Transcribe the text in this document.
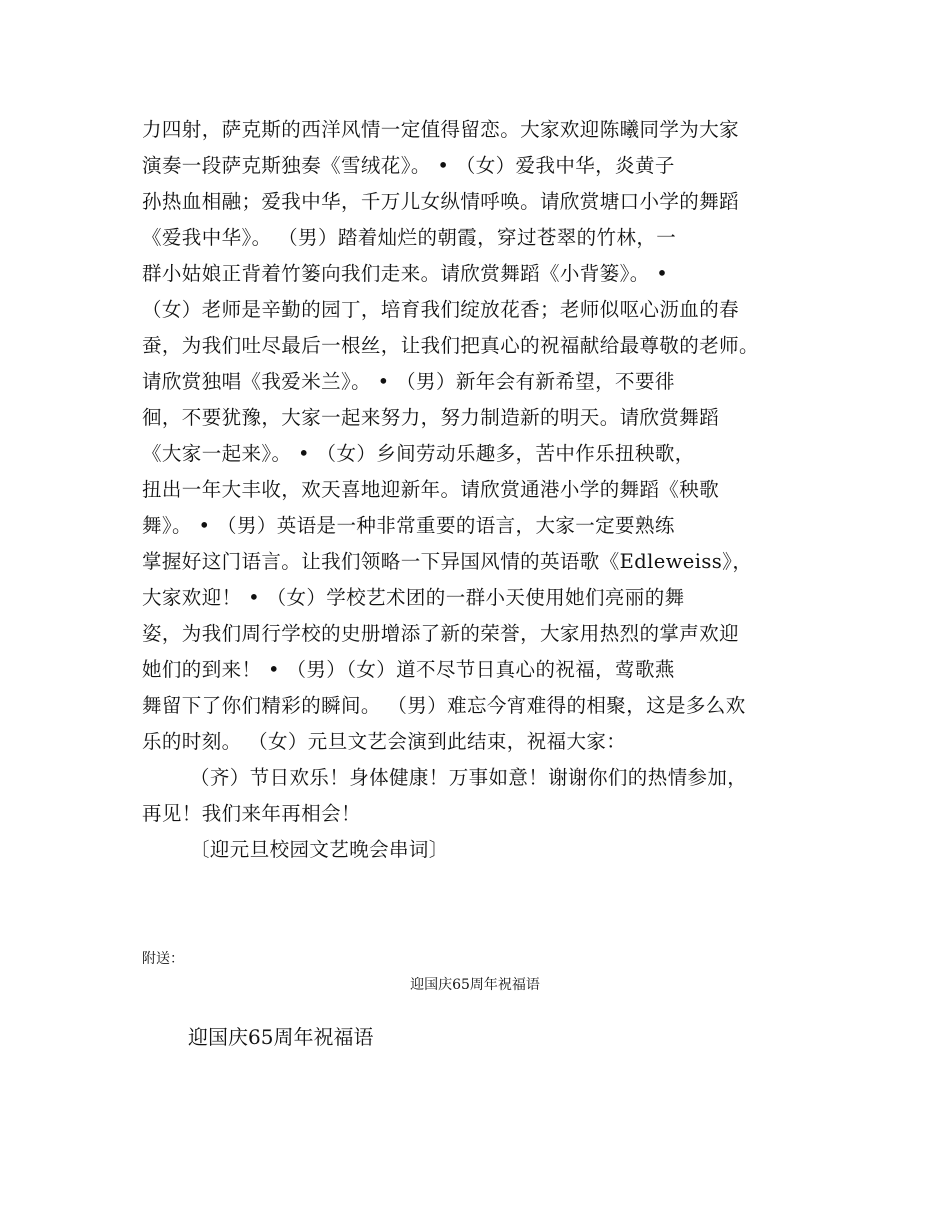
力四射，萨克斯的西洋风情一定值得留恋。大家欢迎陈曦同学为大家
演奏一段萨克斯独奏《雪绒花》。 • （女）爱我中华，炎黄子
孙热血相融；爱我中华，千万儿女纵情呼唤。请欣赏塘口小学的舞蹈
《爱我中华》。 （男）踏着灿烂的朝霞，穿过苍翠的竹林，一
群小姑娘正背着竹篓向我们走来。请欣赏舞蹈《小背篓》。 •
（女）老师是辛勤的园丁，培育我们绽放花香；老师似呕心沥血的春
蚕，为我们吐尽最后一根丝，让我们把真心的祝福献给最尊敬的老师。
请欣赏独唱《我爱米兰》。 • （男）新年会有新希望，不要徘
徊，不要犹豫，大家一起来努力，努力制造新的明天。请欣赏舞蹈
《大家一起来》。 • （女）乡间劳动乐趣多，苦中作乐扭秧歌，
扭出一年大丰收，欢天喜地迎新年。请欣赏通港小学的舞蹈《秧歌
舞》。 • （男）英语是一种非常重要的语言，大家一定要熟练
掌握好这门语言。让我们领略一下异国风情的英语歌《Edleweiss》，
大家欢迎！ • （女）学校艺术团的一群小天使用她们亮丽的舞
姿，为我们周行学校的史册增添了新的荣誉，大家用热烈的掌声欢迎
她们的到来！ • （男）（女）道不尽节日真心的祝福，莺歌燕
舞留下了你们精彩的瞬间。 （男）难忘今宵难得的相聚，这是多么欢
乐的时刻。 （女）元旦文艺会演到此结束，祝福大家：
（齐）节日欢乐！身体健康！万事如意！谢谢你们的热情参加，
再见！我们来年再相会！
〔迎元旦校园文艺晚会串词〕
附送：
迎国庆65周年祝福语
迎国庆65周年祝福语
